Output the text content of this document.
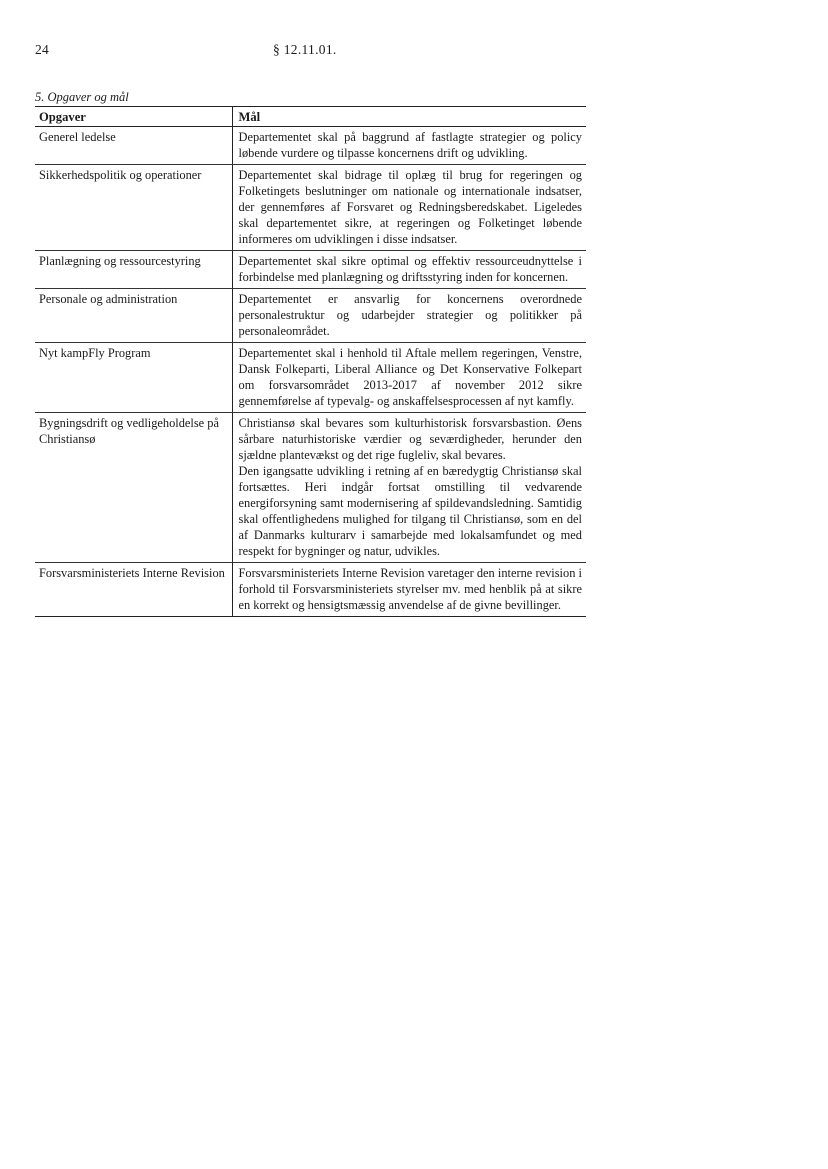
24	§ 12.11.01.
5. Opgaver og mål
Opgaver	Mål
Generel ledelse	Departementet skal på baggrund af fastlagte strategier og policy løbende vurdere og tilpasse koncernens drift og udvikling.

Sikkerhedspolitik og operationer	Departementet skal bidrage til oplæg til brug for regeringen og Folketingets beslutninger om nationale og internationale indsatser, der gennemføres af Forsvaret og Redningsberedskabet. Ligeledes skal departementet sikre, at regeringen og Folketinget løbende informeres om udviklingen i disse indsatser.

Planlægning og ressourcestyring	Departementet skal sikre optimal og effektiv ressourceudnyttelse i forbindelse med planlægning og driftsstyring inden for koncernen.

Personale og administration	Departementet er ansvarlig for koncernens overordnede personalestruktur og udarbejder strategier og politikker på personaleområdet.

Nyt kampFly Program	Departementet skal i henhold til Aftale mellem regeringen, Venstre, Dansk Folkeparti, Liberal Alliance og Det Konservative Folkepart om forsvarsområdet 2013-2017 af november 2012 sikre gennemførelse af typevalg- og anskaffelsesprocessen af nyt kamfly.

Bygningsdrift og vedligeholdelse på Christiansø	Christiansø skal bevares som kulturhistorisk forsvarsbastion. Øens sårbare naturhistoriske værdier og seværdigheder, herunder den sjældne plantevækst og det rige fugleliv, skal bevares.
Den igangsatte udvikling i retning af en bæredygtig Christiansø skal fortsættes. Heri indgår fortsat omstilling til vedvarende energiforsyning samt modernisering af spildevandsledning. Samtidig skal offentlighedens mulighed for tilgang til Christiansø, som en del af Danmarks kulturarv i samarbejde med lokalsamfundet og med respekt for bygninger og natur, udvikles.

Forsvarsministeriets Interne Revision	Forsvarsministeriets Interne Revision varetager den interne revision i forhold til Forsvarsministeriets styrelser mv. med henblik på at sikre en korrekt og hensigtsmæssig anvendelse af de givne bevillinger.
